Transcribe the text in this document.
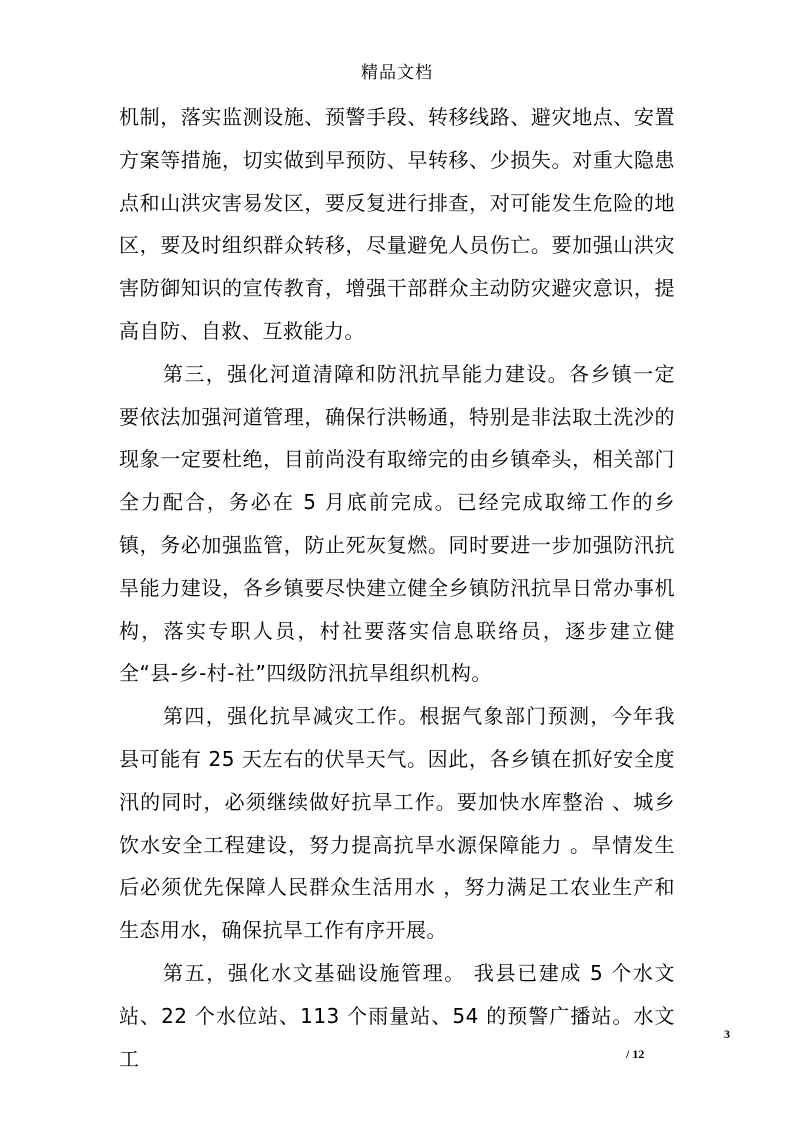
精品文档

机制，落实监测设施、预警手段、转移线路、避灾地点、安置方案等措施，切实做到早预防、早转移、少损失。对重大隐患点和山洪灾害易发区，要反复进行排查，对可能发生危险的地区，要及时组织群众转移，尽量避免人员伤亡。要加强山洪灾害防御知识的宣传教育，增强干部群众主动防灾避灾意识，提高自防、自救、互救能力。

第三，强化河道清障和防汛抗旱能力建设。各乡镇一定要依法加强河道管理，确保行洪畅通，特别是非法取土洗沙的现象一定要杜绝，目前尚没有取缔完的由乡镇牵头，相关部门全力配合，务必在 5 月底前完成。已经完成取缔工作的乡镇，务必加强监管，防止死灰复燃。同时要进一步加强防汛抗旱能力建设，各乡镇要尽快建立健全乡镇防汛抗旱日常办事机构，落实专职人员，村社要落实信息联络员，逐步建立健全“县-乡-村-社”四级防汛抗旱组织机构。

第四，强化抗旱减灾工作。根据气象部门预测，今年我县可能有 25 天左右的伏旱天气。因此，各乡镇在抓好安全度汛的同时，必须继续做好抗旱工作。要加快水库整治 、城乡饮水安全工程建设，努力提高抗旱水源保障能力 。旱情发生后必须优先保障人民群众生活用水 ，努力满足工农业生产和生态用水，确保抗旱工作有序开展。

第五，强化水文基础设施管理。 我县已建成 5 个水文站、22 个水位站、113 个雨量站、54 的预警广播站。水文工

3
/ 12
